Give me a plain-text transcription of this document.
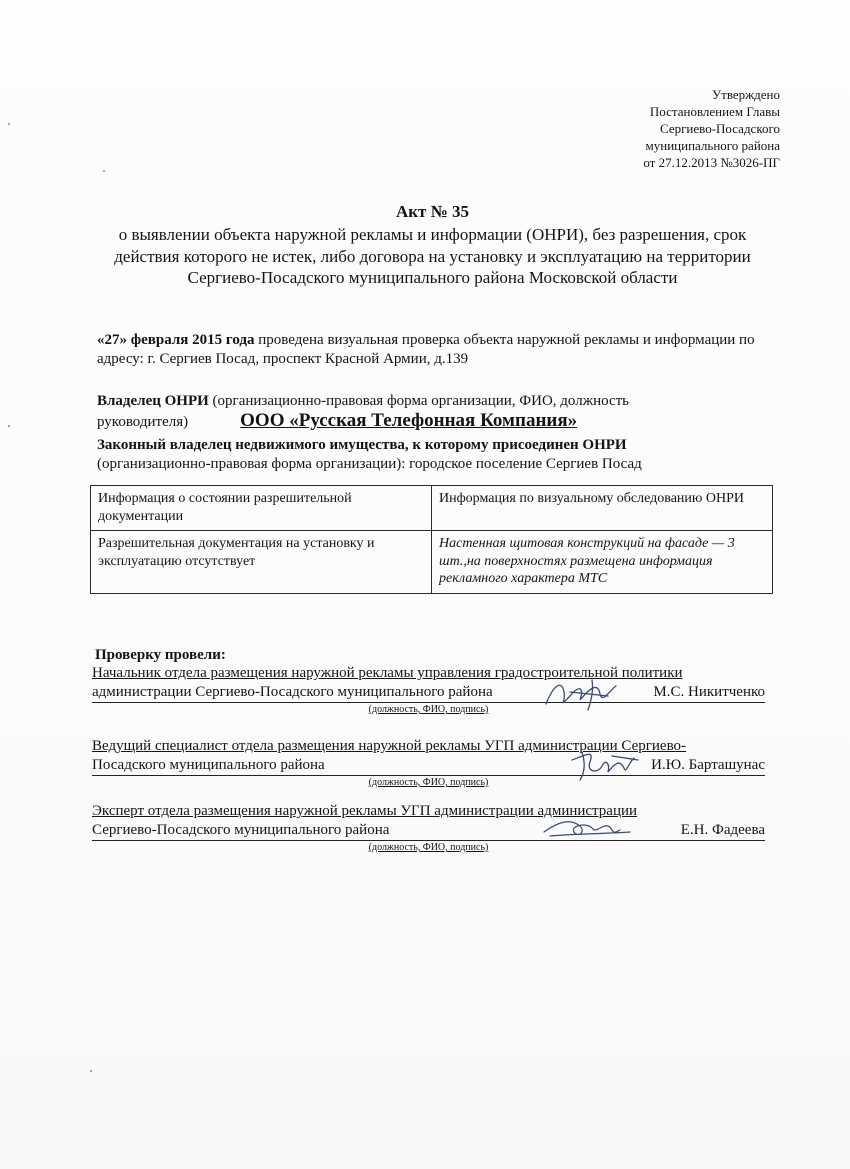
Утверждено
Постановлением Главы
Сергиево-Посадского
муниципального района
от 27.12.2013 №3026-ПГ
Акт № 35
о выявлении объекта наружной рекламы и информации (ОНРИ), без разрешения, срок действия которого не истек, либо договора на установку и эксплуатацию на территории Сергиево-Посадского муниципального района Московской области
«27» февраля 2015 года проведена визуальная проверка объекта наружной рекламы и информации по адресу: г. Сергиев Посад, проспект Красной Армии, д.139
Владелец ОНРИ (организационно-правовая форма организации, ФИО, должность руководителя)	ООО «Русская Телефонная Компания»
Законный владелец недвижимого имущества, к которому присоединен ОНРИ
(организационно-правовая форма организации): городское поселение Сергиев Посад
Информация о состоянии разрешительной документации	Информация по визуальному обследованию ОНРИ
Разрешительная документация на установку и эксплуатацию отсутствует	Настенная щитовая конструкций на фасаде — 3 шт.,на поверхностях размещена информация рекламного характера МТС
Проверку провели:
Начальник отдела размещения наружной рекламы управления градостроительной политики
администрации Сергиево-Посадского муниципального района	М.С. Никитченко
(должность, ФИО, подпись)
Ведущий специалист отдела размещения наружной рекламы УГП администрации Сергиево-
Посадского муниципального района	И.Ю. Барташунас
(должность, ФИО, подпись)
Эксперт отдела размещения наружной рекламы УГП администрации администрации
Сергиево-Посадского муниципального района	Е.Н. Фадеева
(должность, ФИО, подпись)
